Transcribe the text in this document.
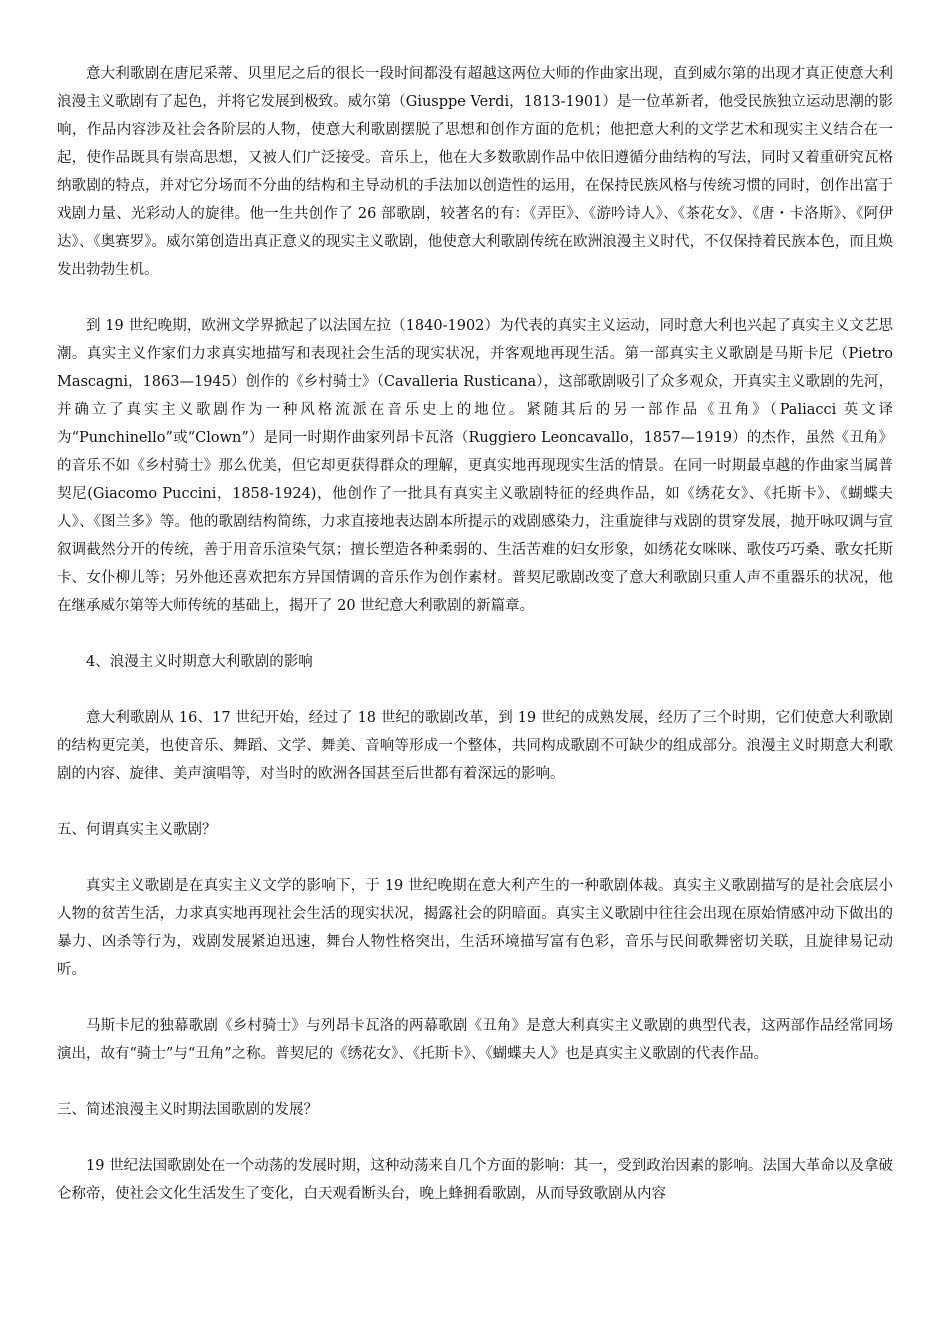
意大利歌剧在唐尼采蒂、贝里尼之后的很长一段时间都没有超越这两位大师的作曲家出现，直到威尔第的出现才真正使意大利浪漫主义歌剧有了起色，并将它发展到极致。威尔第（Giusppe Verdi，1813-1901）是一位革新者，他受民族独立运动思潮的影响，作品内容涉及社会各阶层的人物，使意大利歌剧摆脱了思想和创作方面的危机；他把意大利的文学艺术和现实主义结合在一起，使作品既具有崇高思想，又被人们广泛接受。音乐上，他在大多数歌剧作品中依旧遵循分曲结构的写法，同时又着重研究瓦格纳歌剧的特点，并对它分场而不分曲的结构和主导动机的手法加以创造性的运用，在保持民族风格与传统习惯的同时，创作出富于戏剧力量、光彩动人的旋律。他一生共创作了 26 部歌剧，较著名的有：《弄臣》、《游吟诗人》、《茶花女》、《唐・卡洛斯》、《阿伊达》、《奥赛罗》。威尔第创造出真正意义的现实主义歌剧，他使意大利歌剧传统在欧洲浪漫主义时代，不仅保持着民族本色，而且焕发出勃勃生机。

到 19 世纪晚期，欧洲文学界掀起了以法国左拉（1840-1902）为代表的真实主义运动，同时意大利也兴起了真实主义文艺思潮。真实主义作家们力求真实地描写和表现社会生活的现实状况，并客观地再现生活。第一部真实主义歌剧是马斯卡尼（Pietro Mascagni，1863—1945）创作的《乡村骑士》（Cavalleria Rusticana），这部歌剧吸引了众多观众，开真实主义歌剧的先河，并确立了真实主义歌剧作为一种风格流派在音乐史上的地位。紧随其后的另一部作品《丑角》（Paliacci 英文译为“Punchinello”或“Clown”）是同一时期作曲家列昂卡瓦洛（Ruggiero Leoncavallo，1857—1919）的杰作，虽然《丑角》的音乐不如《乡村骑士》那么优美，但它却更获得群众的理解，更真实地再现现实生活的情景。在同一时期最卓越的作曲家当属普契尼(Giacomo Puccini，1858-1924)，他创作了一批具有真实主义歌剧特征的经典作品，如《绣花女》、《托斯卡》、《蝴蝶夫人》、《图兰多》等。他的歌剧结构简练，力求直接地表达剧本所提示的戏剧感染力，注重旋律与戏剧的贯穿发展，抛开咏叹调与宣叙调截然分开的传统，善于用音乐渲染气氛；擅长塑造各种柔弱的、生活苦难的妇女形象，如绣花女咪咪、歌伎巧巧桑、歌女托斯卡、女仆柳儿等；另外他还喜欢把东方异国情调的音乐作为创作素材。普契尼歌剧改变了意大利歌剧只重人声不重器乐的状况，他在继承威尔第等大师传统的基础上，揭开了 20 世纪意大利歌剧的新篇章。

4、浪漫主义时期意大利歌剧的影响

意大利歌剧从 16、17 世纪开始，经过了 18 世纪的歌剧改革，到 19 世纪的成熟发展，经历了三个时期，它们使意大利歌剧的结构更完美，也使音乐、舞蹈、文学、舞美、音响等形成一个整体，共同构成歌剧不可缺少的组成部分。浪漫主义时期意大利歌剧的内容、旋律、美声演唱等，对当时的欧洲各国甚至后世都有着深远的影响。

五、何谓真实主义歌剧？

真实主义歌剧是在真实主义文学的影响下，于 19 世纪晚期在意大利产生的一种歌剧体裁。真实主义歌剧描写的是社会底层小人物的贫苦生活，力求真实地再现社会生活的现实状况，揭露社会的阴暗面。真实主义歌剧中往往会出现在原始情感冲动下做出的暴力、凶杀等行为，戏剧发展紧迫迅速，舞台人物性格突出，生活环境描写富有色彩，音乐与民间歌舞密切关联，且旋律易记动听。

马斯卡尼的独幕歌剧《乡村骑士》与列昂卡瓦洛的两幕歌剧《丑角》是意大利真实主义歌剧的典型代表，这两部作品经常同场演出，故有“骑士”与“丑角”之称。普契尼的《绣花女》、《托斯卡》、《蝴蝶夫人》也是真实主义歌剧的代表作品。

三、简述浪漫主义时期法国歌剧的发展？

19 世纪法国歌剧处在一个动荡的发展时期，这种动荡来自几个方面的影响：其一，受到政治因素的影响。法国大革命以及拿破仑称帝，使社会文化生活发生了变化，白天观看断头台，晚上蜂拥看歌剧，从而导致歌剧从内容
